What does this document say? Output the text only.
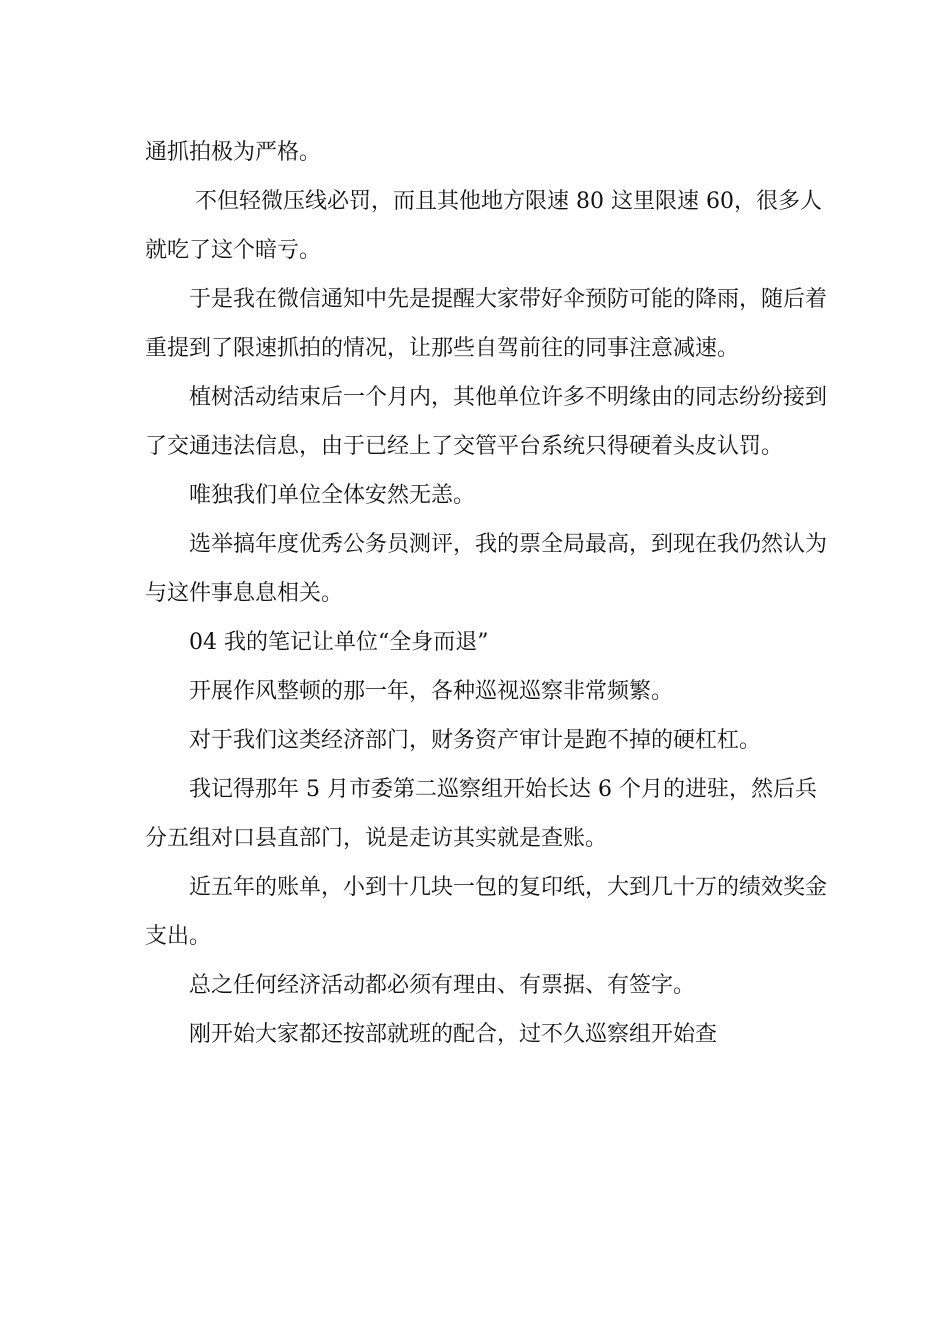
通抓拍极为严格。

不但轻微压线必罚，而且其他地方限速 80 这里限速 60，很多人就吃了这个暗亏。

于是我在微信通知中先是提醒大家带好伞预防可能的降雨，随后着重提到了限速抓拍的情况，让那些自驾前往的同事注意减速。

植树活动结束后一个月内，其他单位许多不明缘由的同志纷纷接到了交通违法信息，由于已经上了交管平台系统只得硬着头皮认罚。

唯独我们单位全体安然无恙。

选举搞年度优秀公务员测评，我的票全局最高，到现在我仍然认为与这件事息息相关。

04 我的笔记让单位“全身而退”

开展作风整顿的那一年，各种巡视巡察非常频繁。

对于我们这类经济部门，财务资产审计是跑不掉的硬杠杠。

我记得那年 5 月市委第二巡察组开始长达 6 个月的进驻，然后兵分五组对口县直部门，说是走访其实就是查账。

近五年的账单，小到十几块一包的复印纸，大到几十万的绩效奖金支出。

总之任何经济活动都必须有理由、有票据、有签字。

刚开始大家都还按部就班的配合，过不久巡察组开始查
